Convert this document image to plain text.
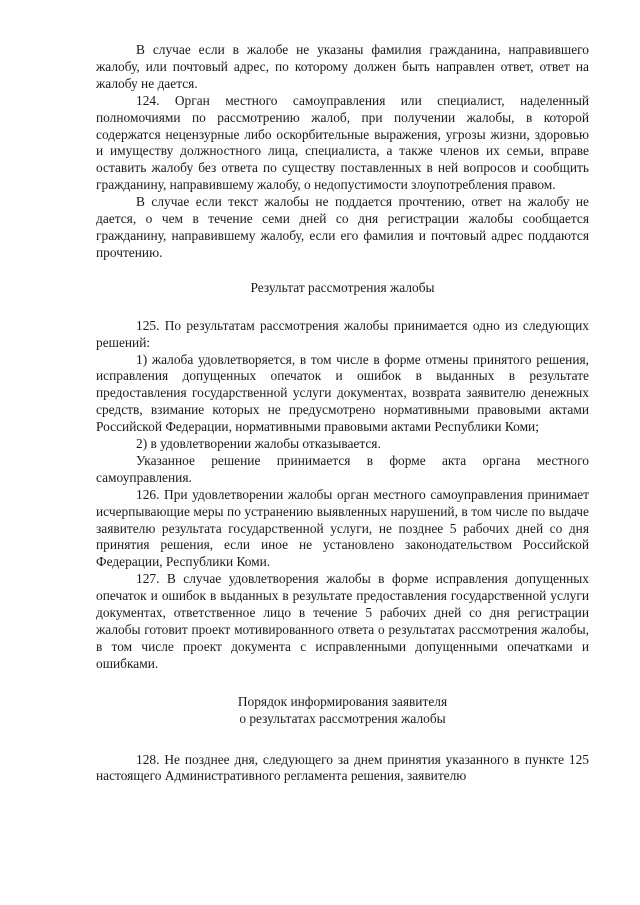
В случае если в жалобе не указаны фамилия гражданина, направившего жалобу, или почтовый адрес, по которому должен быть направлен ответ, ответ на жалобу не дается.

124. Орган местного самоуправления или специалист, наделенный полномочиями по рассмотрению жалоб, при получении жалобы, в которой содержатся нецензурные либо оскорбительные выражения, угрозы жизни, здоровью и имуществу должностного лица, специалиста, а также членов их семьи, вправе оставить жалобу без ответа по существу поставленных в ней вопросов и сообщить гражданину, направившему жалобу, о недопустимости злоупотребления правом.

В случае если текст жалобы не поддается прочтению, ответ на жалобу не дается, о чем в течение семи дней со дня регистрации жалобы сообщается гражданину, направившему жалобу, если его фамилия и почтовый адрес поддаются прочтению.

Результат рассмотрения жалобы

125. По результатам рассмотрения жалобы принимается одно из следующих решений:

1) жалоба удовлетворяется, в том числе в форме отмены принятого решения, исправления допущенных опечаток и ошибок в выданных в результате предоставления государственной услуги документах, возврата заявителю денежных средств, взимание которых не предусмотрено нормативными правовыми актами Российской Федерации, нормативными правовыми актами Республики Коми;

2) в удовлетворении жалобы отказывается.

Указанное решение принимается в форме акта органа местного самоуправления.

126. При удовлетворении жалобы орган местного самоуправления принимает исчерпывающие меры по устранению выявленных нарушений, в том числе по выдаче заявителю результата государственной услуги, не позднее 5 рабочих дней со дня принятия решения, если иное не установлено законодательством Российской Федерации, Республики Коми.

127. В случае удовлетворения жалобы в форме исправления допущенных опечаток и ошибок в выданных в результате предоставления государственной услуги документах, ответственное лицо в течение 5 рабочих дней со дня регистрации жалобы готовит проект мотивированного ответа о результатах рассмотрения жалобы, в том числе проект документа с исправленными допущенными опечатками и ошибками.

Порядок информирования заявителя

о результатах рассмотрения жалобы

128. Не позднее дня, следующего за днем принятия указанного в пункте 125 настоящего Административного регламента решения, заявителю
